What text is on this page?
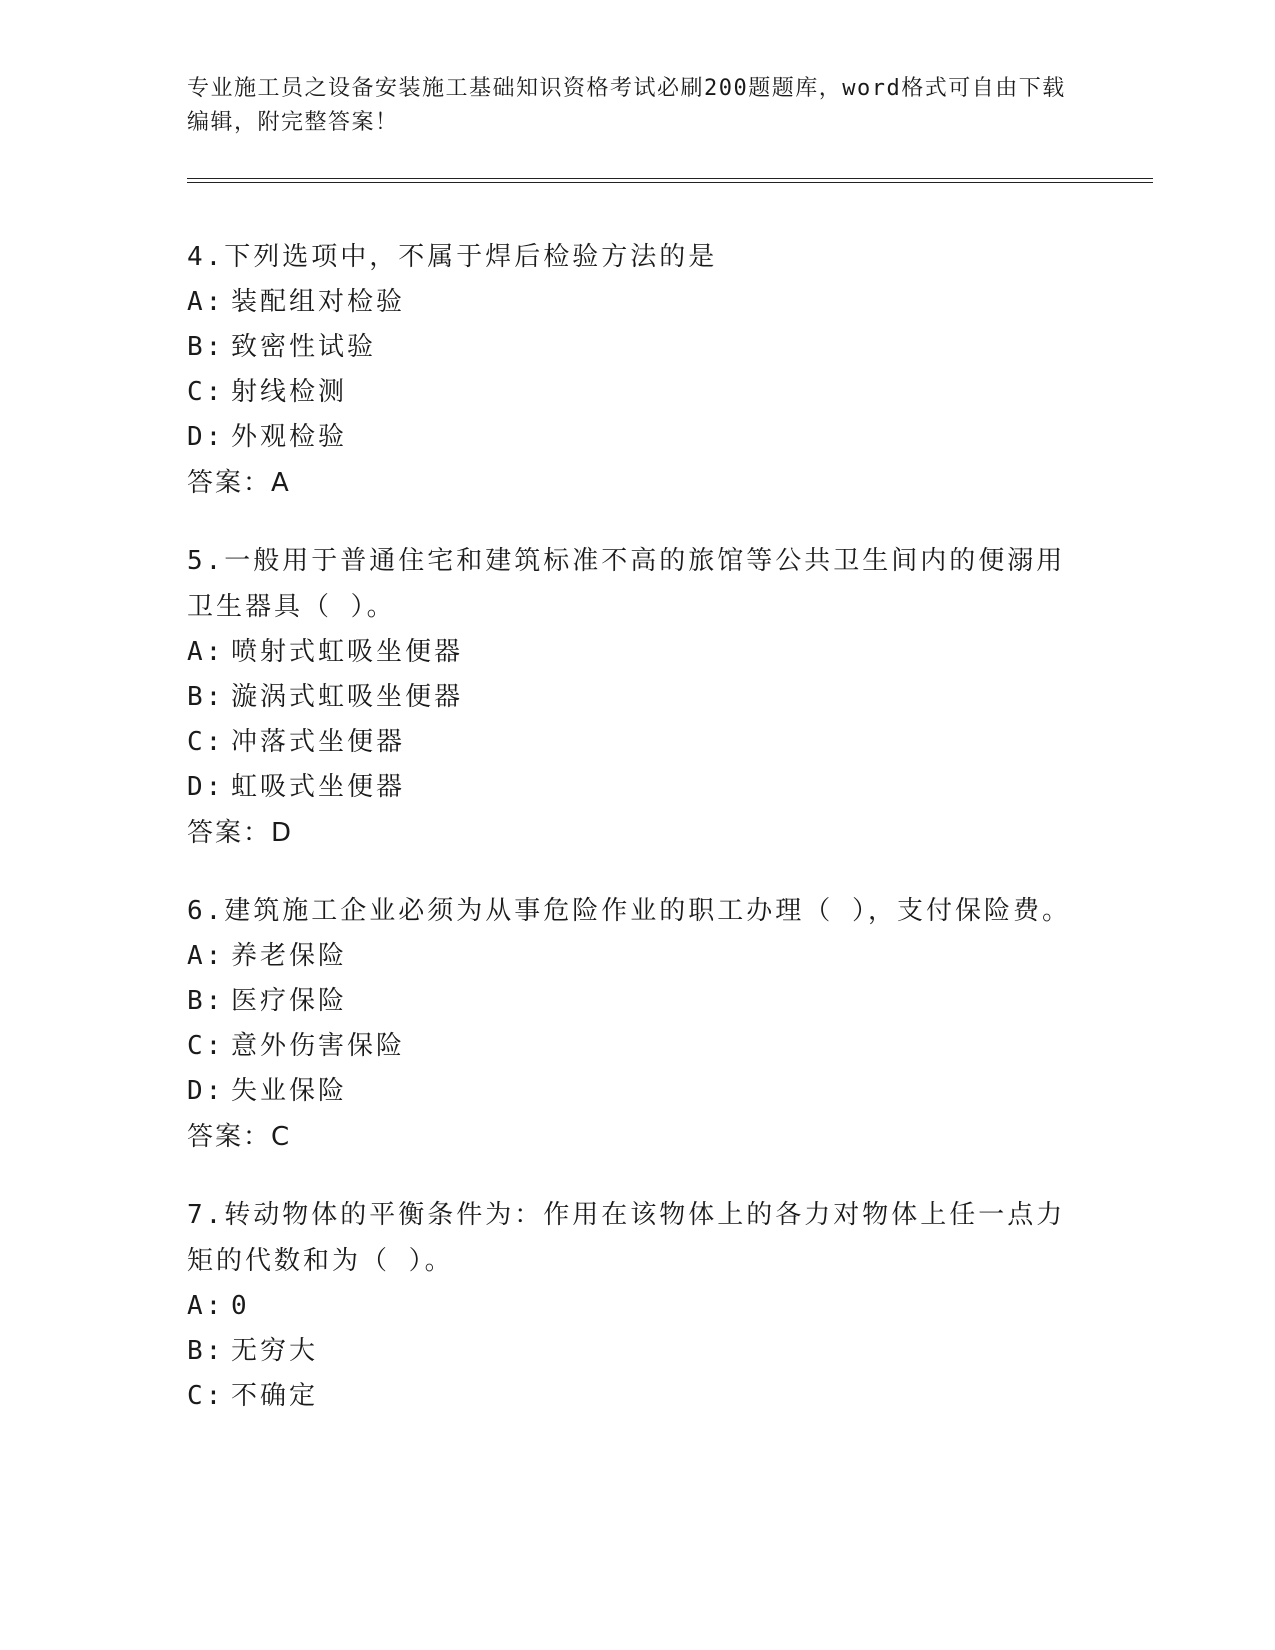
专业施工员之设备安装施工基础知识资格考试必刷200题题库，word格式可自由下载编辑，附完整答案！
4.下列选项中，不属于焊后检验方法的是
A: 装配组对检验
B: 致密性试验
C: 射线检测
D: 外观检验
答案：A
5.一般用于普通住宅和建筑标准不高的旅馆等公共卫生间内的便溺用卫生器具（ ）。
A: 喷射式虹吸坐便器
B: 漩涡式虹吸坐便器
C: 冲落式坐便器
D: 虹吸式坐便器
答案：D
6.建筑施工企业必须为从事危险作业的职工办理（ ），支付保险费。
A: 养老保险
B: 医疗保险
C: 意外伤害保险
D: 失业保险
答案：C
7.转动物体的平衡条件为：作用在该物体上的各力对物体上任一点力矩的代数和为（ ）。
A: 0
B: 无穷大
C: 不确定
